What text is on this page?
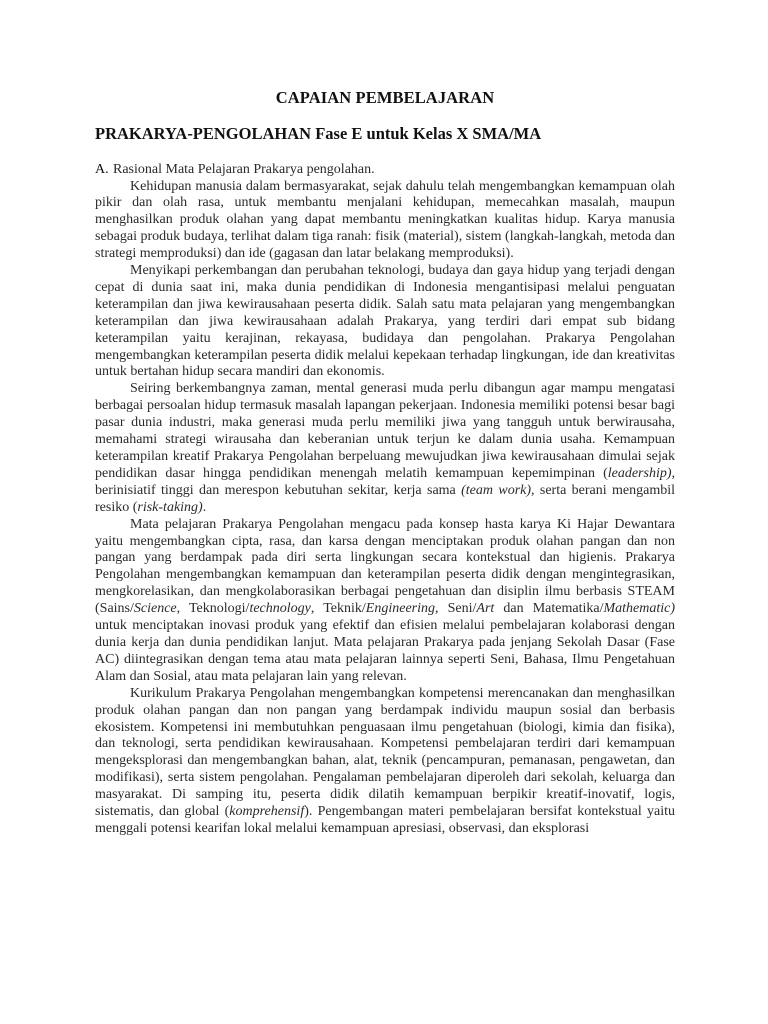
CAPAIAN PEMBELAJARAN
PRAKARYA-PENGOLAHAN Fase E untuk Kelas X SMA/MA
A. Rasional Mata Pelajaran Prakarya pengolahan.

Kehidupan manusia dalam bermasyarakat, sejak dahulu telah mengembangkan kemampuan olah pikir dan olah rasa, untuk membantu menjalani kehidupan, memecahkan masalah, maupun menghasilkan produk olahan yang dapat membantu meningkatkan kualitas hidup. Karya manusia sebagai produk budaya, terlihat dalam tiga ranah: fisik (material), sistem (langkah-langkah, metoda dan strategi memproduksi) dan ide (gagasan dan latar belakang memproduksi).

Menyikapi perkembangan dan perubahan teknologi, budaya dan gaya hidup yang terjadi dengan cepat di dunia saat ini, maka dunia pendidikan di Indonesia mengantisipasi melalui penguatan keterampilan dan jiwa kewirausahaan peserta didik. Salah satu mata pelajaran yang mengembangkan keterampilan dan jiwa kewirausahaan adalah Prakarya, yang terdiri dari empat sub bidang keterampilan yaitu kerajinan, rekayasa, budidaya dan pengolahan. Prakarya Pengolahan mengembangkan keterampilan peserta didik melalui kepekaan terhadap lingkungan, ide dan kreativitas untuk bertahan hidup secara mandiri dan ekonomis.

Seiring berkembangnya zaman, mental generasi muda perlu dibangun agar mampu mengatasi berbagai persoalan hidup termasuk masalah lapangan pekerjaan. Indonesia memiliki potensi besar bagi pasar dunia industri, maka generasi muda perlu memiliki jiwa yang tangguh untuk berwirausaha, memahami strategi wirausaha dan keberanian untuk terjun ke dalam dunia usaha. Kemampuan keterampilan kreatif Prakarya Pengolahan berpeluang mewujudkan jiwa kewirausahaan dimulai sejak pendidikan dasar hingga pendidikan menengah melatih kemampuan kepemimpinan (leadership), berinisiatif tinggi dan merespon kebutuhan sekitar, kerja sama (team work), serta berani mengambil resiko (risk-taking).

Mata pelajaran Prakarya Pengolahan mengacu pada konsep hasta karya Ki Hajar Dewantara yaitu mengembangkan cipta, rasa, dan karsa dengan menciptakan produk olahan pangan dan non pangan yang berdampak pada diri serta lingkungan secara kontekstual dan higienis. Prakarya Pengolahan mengembangkan kemampuan dan keterampilan peserta didik dengan mengintegrasikan, mengkorelasikan, dan mengkolaborasikan berbagai pengetahuan dan disiplin ilmu berbasis STEAM (Sains/Science, Teknologi/technology, Teknik/Engineering, Seni/Art dan Matematika/Mathematic) untuk menciptakan inovasi produk yang efektif dan efisien melalui pembelajaran kolaborasi dengan dunia kerja dan dunia pendidikan lanjut. Mata pelajaran Prakarya pada jenjang Sekolah Dasar (Fase AC) diintegrasikan dengan tema atau mata pelajaran lainnya seperti Seni, Bahasa, Ilmu Pengetahuan Alam dan Sosial, atau mata pelajaran lain yang relevan.

Kurikulum Prakarya Pengolahan mengembangkan kompetensi merencanakan dan menghasilkan produk olahan pangan dan non pangan yang berdampak individu maupun sosial dan berbasis ekosistem. Kompetensi ini membutuhkan penguasaan ilmu pengetahuan (biologi, kimia dan fisika), dan teknologi, serta pendidikan kewirausahaan. Kompetensi pembelajaran terdiri dari kemampuan mengeksplorasi dan mengembangkan bahan, alat, teknik (pencampuran, pemanasan, pengawetan, dan modifikasi), serta sistem pengolahan. Pengalaman pembelajaran diperoleh dari sekolah, keluarga dan masyarakat. Di samping itu, peserta didik dilatih kemampuan berpikir kreatif-inovatif, logis, sistematis, dan global (komprehensif). Pengembangan materi pembelajaran bersifat kontekstual yaitu menggali potensi kearifan lokal melalui kemampuan apresiasi, observasi, dan eksplorasi
